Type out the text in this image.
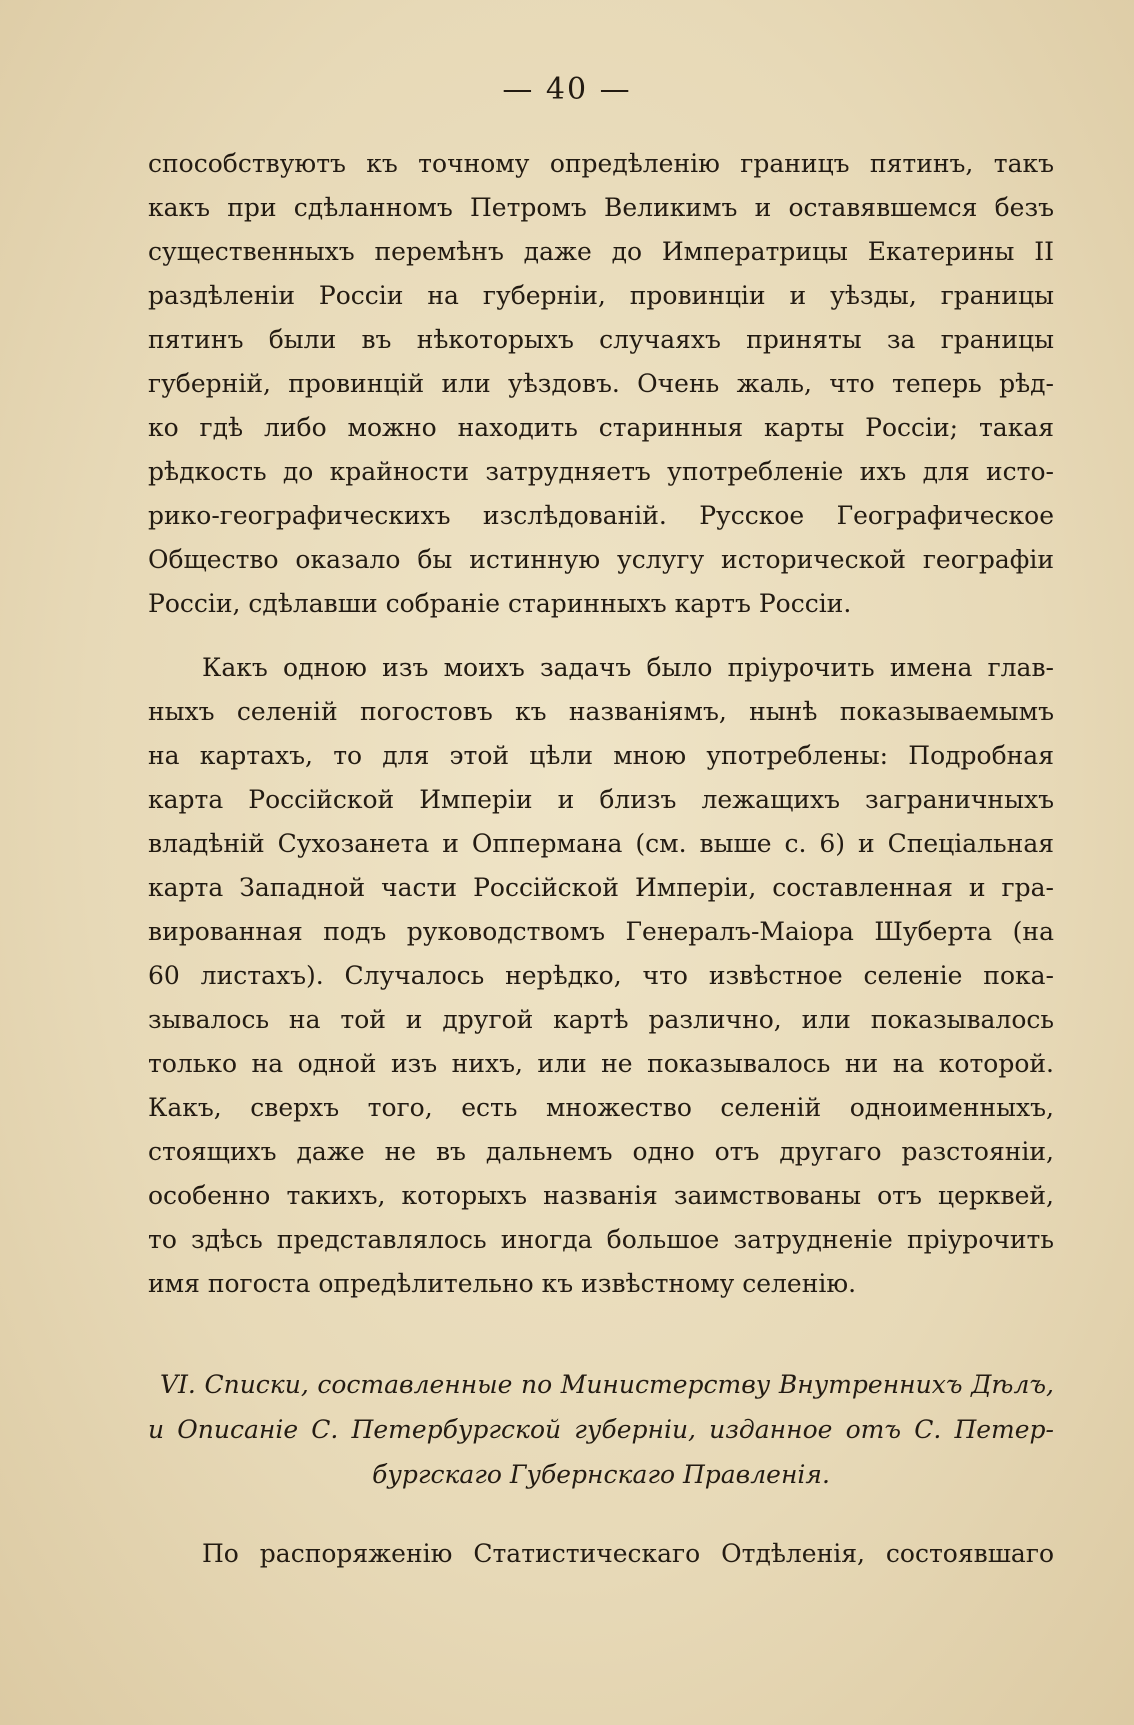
— 40 —
способствуютъ къ точному опредѣленію границъ пятинъ, такъ
какъ при сдѣланномъ Петромъ Великимъ и оставявшемся безъ
существенныхъ перемѣнъ даже до Императрицы Екатерины II
раздѣленіи Россіи на губерніи, провинціи и уѣзды, границы
пятинъ были въ нѣкоторыхъ случаяхъ приняты за границы
губерній, провинцій или уѣздовъ. Очень жаль, что теперь рѣд-
ко гдѣ либо можно находить старинныя карты Россіи; такая
рѣдкость до крайности затрудняетъ употребленіе ихъ для исто-
рико-географическихъ изслѣдованій. Русское Географическое
Общество оказало бы истинную услугу исторической географіи
Россіи, сдѣлавши собраніе старинныхъ картъ Россіи.
Какъ одною изъ моихъ задачъ было пріурочить имена глав-
ныхъ селеній погостовъ къ названіямъ, нынѣ показываемымъ
на картахъ, то для этой цѣли мною употреблены: Подробная
карта Россійской Имперіи и близъ лежащихъ заграничныхъ
владѣній Сухозанета и Оппермана (см. выше с. 6) и Спеціальная
карта Западной части Россійской Имперіи, составленная и гра-
вированная подъ руководствомъ Генералъ-Маіора Шуберта (на
60 листахъ). Случалось нерѣдко, что извѣстное селеніе пока-
зывалось на той и другой картѣ различно, или показывалось
только на одной изъ нихъ, или не показывалось ни на которой.
Какъ, сверхъ того, есть множество селеній одноименныхъ,
стоящихъ даже не въ дальнемъ одно отъ другаго разстояніи,
особенно такихъ, которыхъ названія заимствованы отъ церквей,
то здѣсь представлялось иногда большое затрудненіе пріурочить
имя погоста опредѣлительно къ извѣстному селенію.
VI. Списки, составленные по Министерству Внутреннихъ Дѣлъ,
и Описаніе С. Петербургской губерніи, изданное отъ С. Петер-
бургскаго Губернскаго Правленія.
По распоряженію Статистическаго Отдѣленія, состоявшаго
